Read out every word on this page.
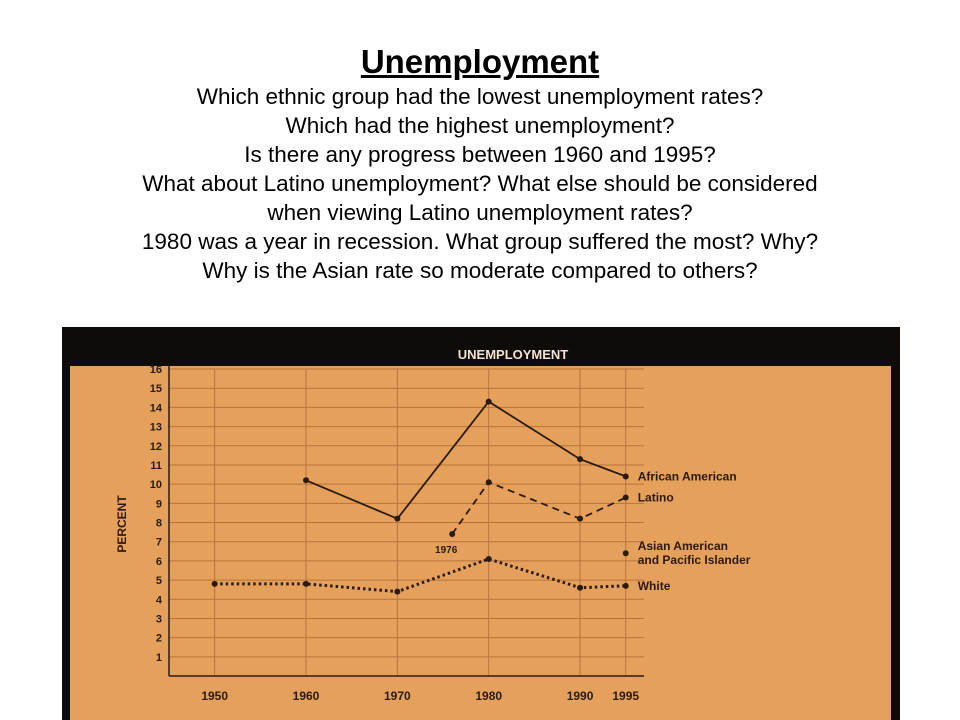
Unemployment

Which ethnic group had the lowest unemployment rates?

Which had the highest unemployment?

Is there any progress between 1960 and 1995?

What about Latino unemployment? What else should be considered

when viewing Latino unemployment rates?

1980 was a year in recession. What group suffered the most? Why?

Why is the Asian rate so moderate compared to others?

UNEMPLOYMENT
1
2
3
4
5
6
7
8
9
10
11
12
13
14
15
16
1950	1960	1970	1980	1990 1995
African American
Latino
Asian American and Pacific Islander
White
1976
PERCENT
